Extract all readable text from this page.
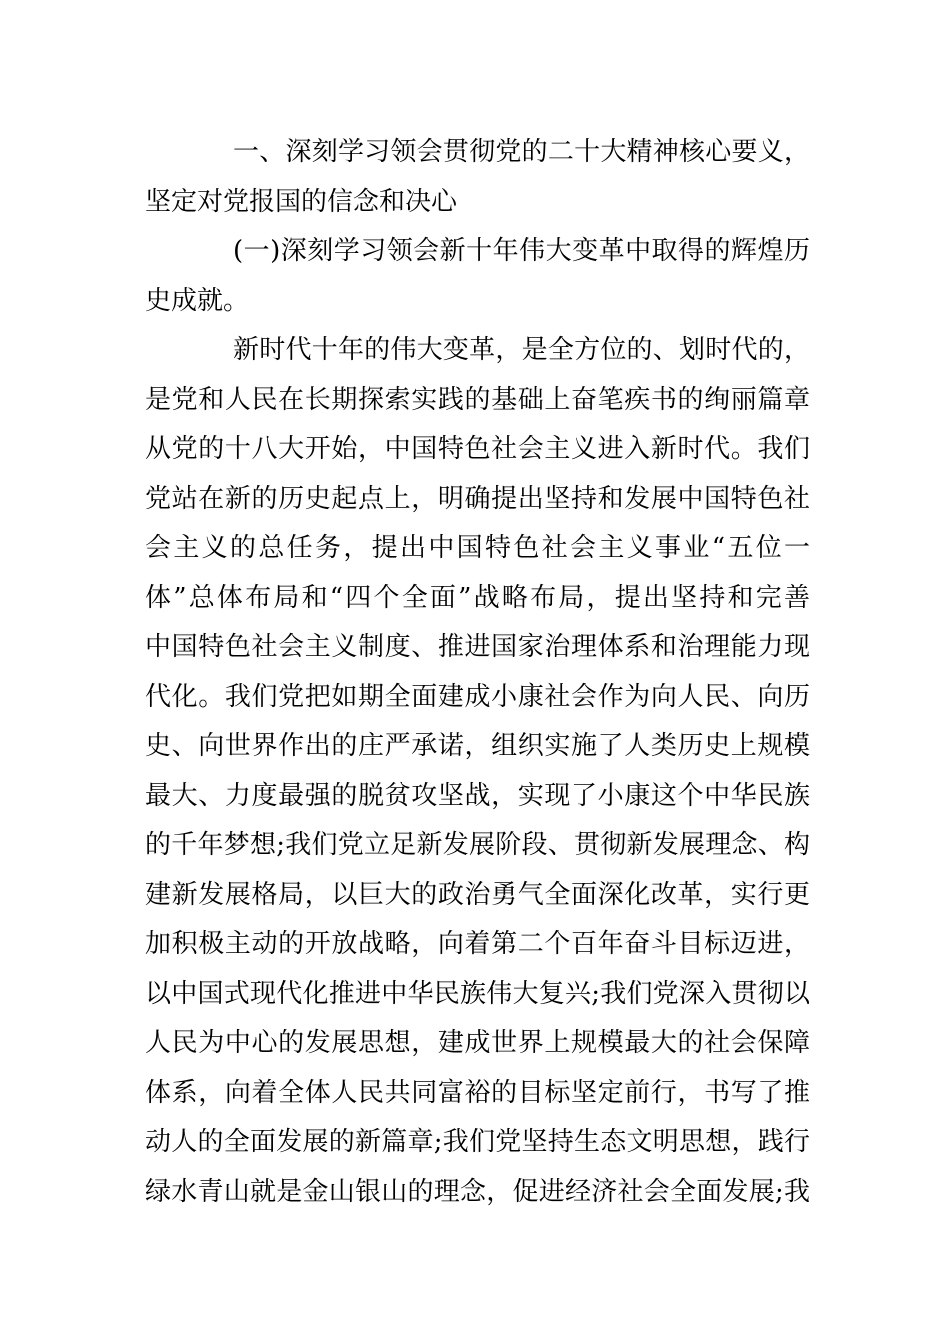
一、深刻学习领会贯彻党的二十大精神核心要义，
坚定对党报国的信念和决心
(一)深刻学习领会新十年伟大变革中取得的辉煌历
史成就。
新时代十年的伟大变革，是全方位的、划时代的，
是党和人民在长期探索实践的基础上奋笔疾书的绚丽篇章
从党的十八大开始，中国特色社会主义进入新时代。我们
党站在新的历史起点上，明确提出坚持和发展中国特色社
会主义的总任务，提出中国特色社会主义事业“五位一
体”总体布局和“四个全面”战略布局，提出坚持和完善
中国特色社会主义制度、推进国家治理体系和治理能力现
代化。我们党把如期全面建成小康社会作为向人民、向历
史、向世界作出的庄严承诺，组织实施了人类历史上规模
最大、力度最强的脱贫攻坚战，实现了小康这个中华民族
的千年梦想;我们党立足新发展阶段、贯彻新发展理念、构
建新发展格局，以巨大的政治勇气全面深化改革，实行更
加积极主动的开放战略，向着第二个百年奋斗目标迈进，
以中国式现代化推进中华民族伟大复兴;我们党深入贯彻以
人民为中心的发展思想，建成世界上规模最大的社会保障
体系，向着全体人民共同富裕的目标坚定前行，书写了推
动人的全面发展的新篇章;我们党坚持生态文明思想，践行
绿水青山就是金山银山的理念，促进经济社会全面发展;我
